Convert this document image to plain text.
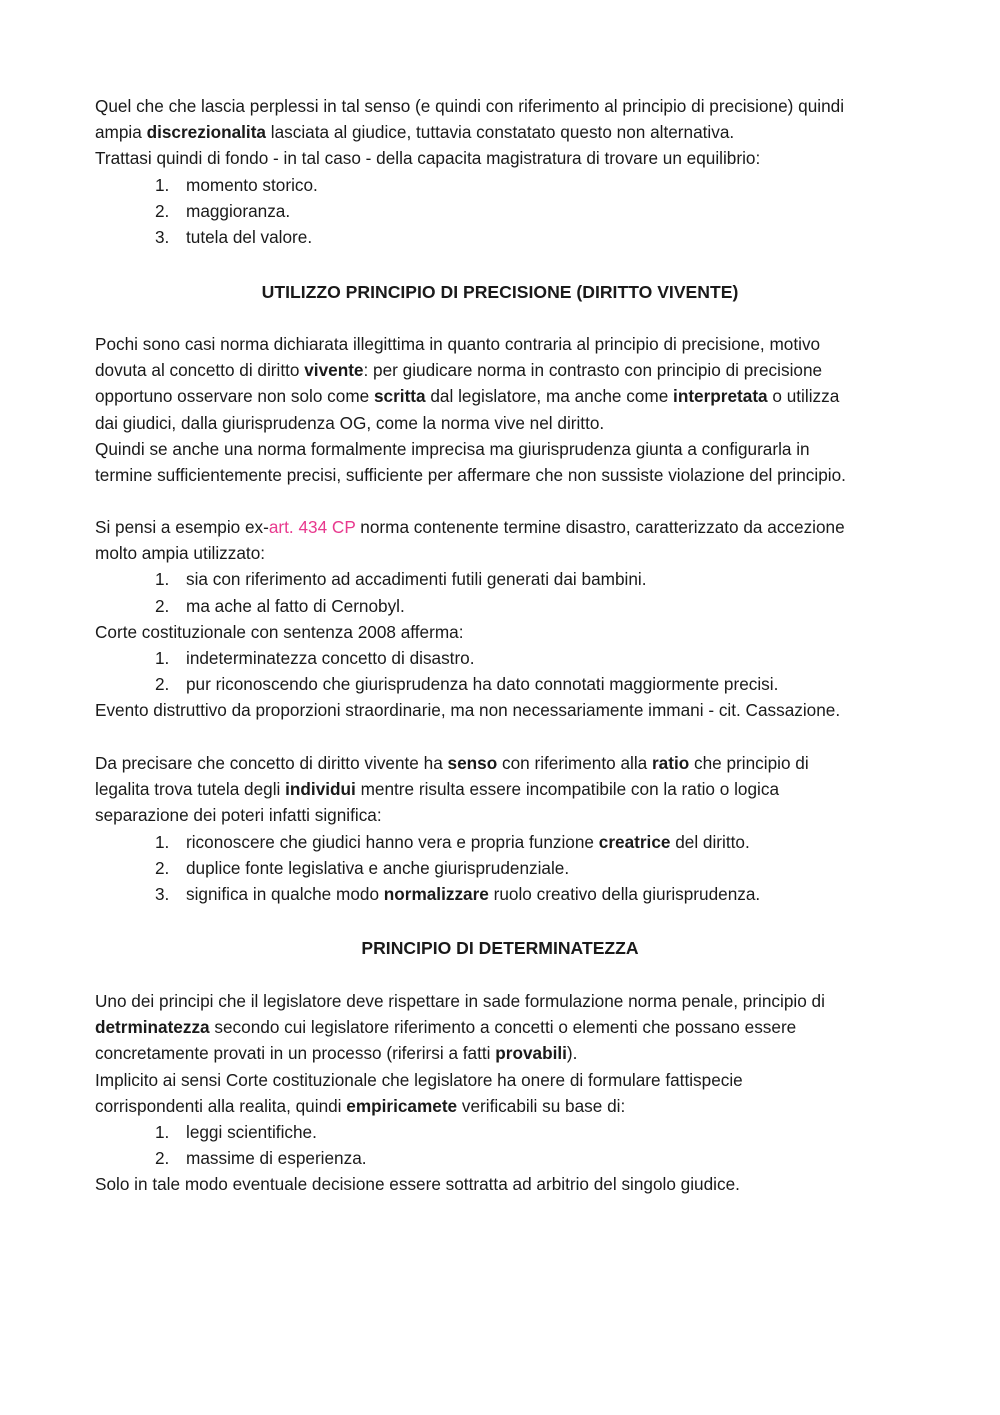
Quel che che lascia perplessi in tal senso (e quindi con riferimento al principio di precisione) quindi
ampia discrezionalita lasciata al giudice, tuttavia constatato questo non alternativa.
Trattasi quindi di fondo - in tal caso - della capacita magistratura di trovare un equilibrio:
1. momento storico.
2. maggioranza.
3. tutela del valore.
UTILIZZO PRINCIPIO DI PRECISIONE (DIRITTO VIVENTE)
Pochi sono casi norma dichiarata illegittima in quanto contraria al principio di precisione, motivo
dovuta al concetto di diritto vivente: per giudicare norma in contrasto con principio di precisione
opportuno osservare non solo come scritta dal legislatore, ma anche come interpretata o utilizza
dai giudici, dalla giurisprudenza OG, come la norma vive nel diritto.
Quindi se anche una norma formalmente imprecisa ma giurisprudenza giunta a configurarla in
termine sufficientemente precisi, sufficiente per affermare che non sussiste violazione del principio.
Si pensi a esempio ex-art. 434 CP norma contenente termine disastro, caratterizzato da accezione
molto ampia utilizzato:
1. sia con riferimento ad accadimenti futili generati dai bambini.
2. ma ache al fatto di Cernobyl.
Corte costituzionale con sentenza 2008 afferma:
1. indeterminatezza concetto di disastro.
2. pur riconoscendo che giurisprudenza ha dato connotati maggiormente precisi.
Evento distruttivo da proporzioni straordinarie, ma non necessariamente immani - cit. Cassazione.
Da precisare che concetto di diritto vivente ha senso con riferimento alla ratio che principio di
legalita trova tutela degli individui mentre risulta essere incompatibile con la ratio o logica
separazione dei poteri infatti significa:
1. riconoscere che giudici hanno vera e propria funzione creatrice del diritto.
2. duplice fonte legislativa e anche giurisprudenziale.
3. significa in qualche modo normalizzare ruolo creativo della giurisprudenza.
PRINCIPIO DI DETERMINATEZZA
Uno dei principi che il legislatore deve rispettare in sade formulazione norma penale, principio di
detrminatezza secondo cui legislatore riferimento a concetti o elementi che possano essere
concretamente provati in un processo (riferirsi a fatti provabili).
Implicito ai sensi Corte costituzionale che legislatore ha onere di formulare fattispecie
corrispondenti alla realita, quindi empiricamete verificabili su base di:
1. leggi scientifiche.
2. massime di esperienza.
Solo in tale modo eventuale decisione essere sottratta ad arbitrio del singolo giudice.
